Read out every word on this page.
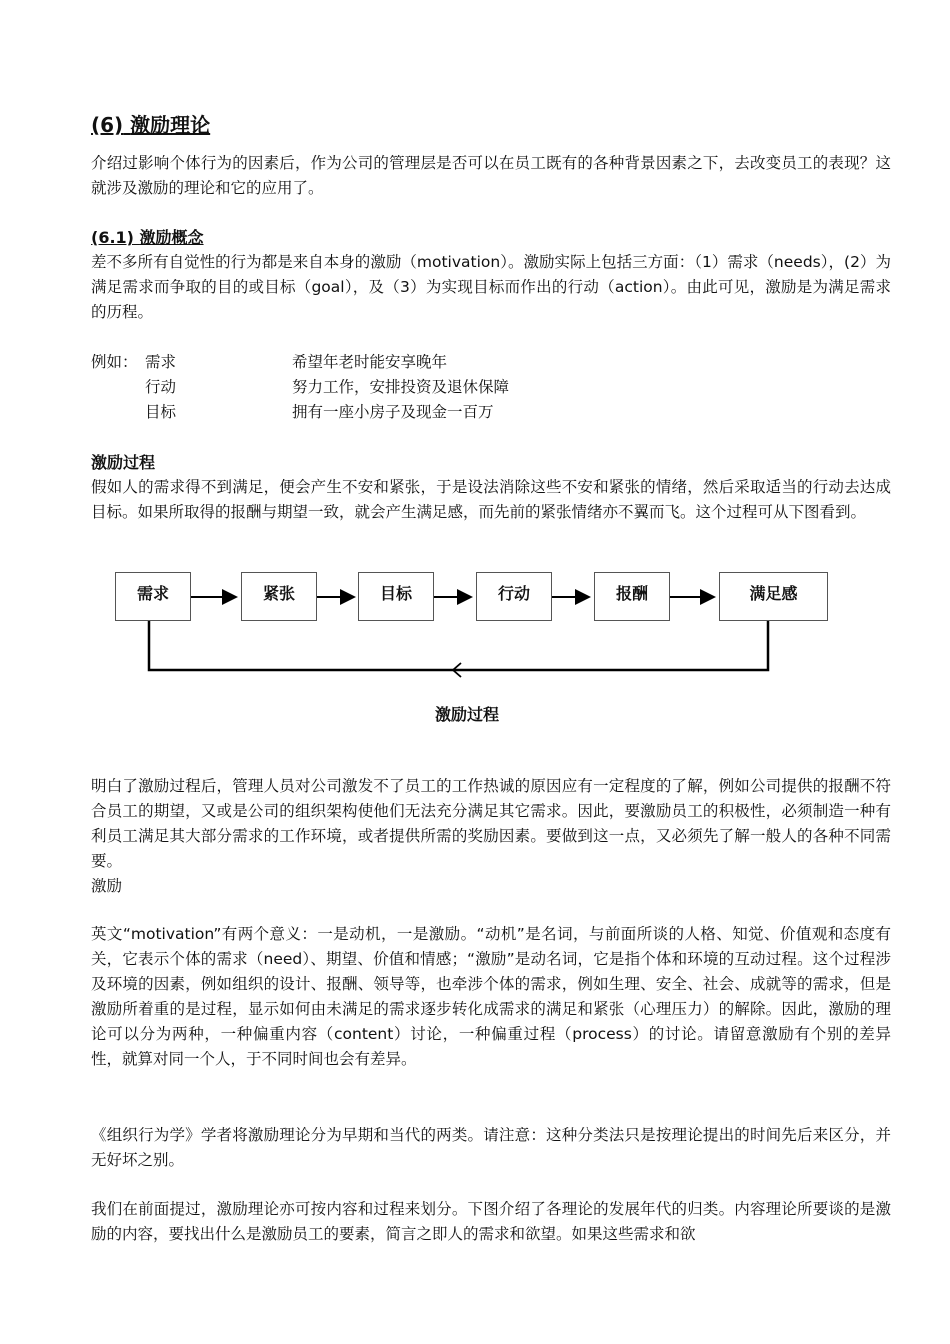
(6) 激励理论

介绍过影响个体行为的因素后，作为公司的管理层是否可以在员工既有的各种背景因素之下，去改变员工的表现？这就涉及激励的理论和它的应用了。

(6.1) 激励概念

差不多所有自觉性的行为都是来自本身的激励（motivation）。激励实际上包括三方面：（1）需求（needs），(2）为满足需求而争取的目的或目标（goal），及（3）为实现目标而作出的行动（action）。由此可见，激励是为满足需求的历程。

例如： 需求	希望年老时能安享晚年
行动	努力工作，安排投资及退休保障
目标	拥有一座小房子及现金一百万
激励过程

假如人的需求得不到满足，便会产生不安和紧张，于是设法消除这些不安和紧张的情绪，然后采取适当的行动去达成目标。如果所取得的报酬与期望一致，就会产生满足感，而先前的紧张情绪亦不翼而飞。这个过程可从下图看到。

需求	紧张	目标	行动	报酬	满足感
激励过程

明白了激励过程后，管理人员对公司激发不了员工的工作热诚的原因应有一定程度的了解，例如公司提供的报酬不符合员工的期望，又或是公司的组织架构使他们无法充分满足其它需求。因此，要激励员工的积极性，必须制造一种有利员工满足其大部分需求的工作环境，或者提供所需的奖励因素。要做到这一点，又必须先了解一般人的各种不同需要。

激励

英文“motivation”有两个意义：一是动机，一是激励。“动机”是名词，与前面所谈的人格、知觉、价值观和态度有关，它表示个体的需求（need）、期望、价值和情感；“激励”是动名词，它是指个体和环境的互动过程。这个过程涉及环境的因素，例如组织的设计、报酬、领导等，也牵涉个体的需求，例如生理、安全、社会、成就等的需求，但是激励所着重的是过程，显示如何由未满足的需求逐步转化成需求的满足和紧张（心理压力）的解除。因此，激励的理论可以分为两种，一种偏重内容（content）讨论，一种偏重过程（process）的讨论。请留意激励有个别的差异性，就算对同一个人，于不同时间也会有差异。

《组织行为学》学者将激励理论分为早期和当代的两类。请注意：这种分类法只是按理论提出的时间先后来区分，并无好坏之别。

我们在前面提过，激励理论亦可按内容和过程来划分。下图介绍了各理论的发展年代的归类。内容理论所要谈的是激励的内容，要找出什么是激励员工的要素，简言之即人的需求和欲望。如果这些需求和欲
